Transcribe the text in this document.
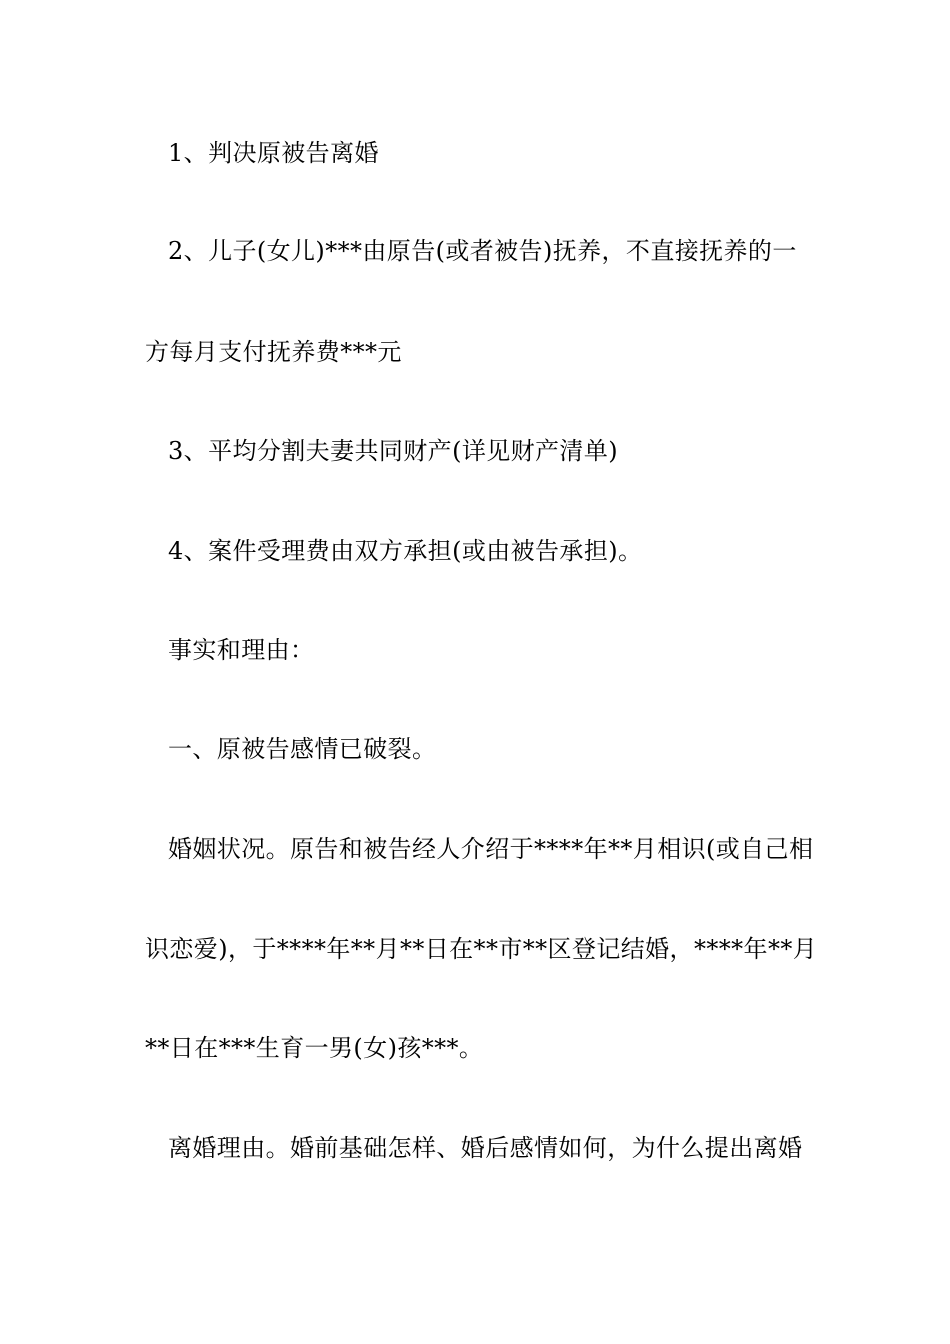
1、判决原被告离婚
2、儿子(女儿)***由原告(或者被告)抚养，不直接抚养的一
方每月支付抚养费***元
3、平均分割夫妻共同财产(详见财产清单)
4、案件受理费由双方承担(或由被告承担)。
事实和理由：
一、原被告感情已破裂。
婚姻状况。原告和被告经人介绍于****年**月相识(或自己相
识恋爱)，于****年**月**日在**市**区登记结婚，****年**月
**日在***生育一男(女)孩***。
离婚理由。婚前基础怎样、婚后感情如何，为什么提出离婚
